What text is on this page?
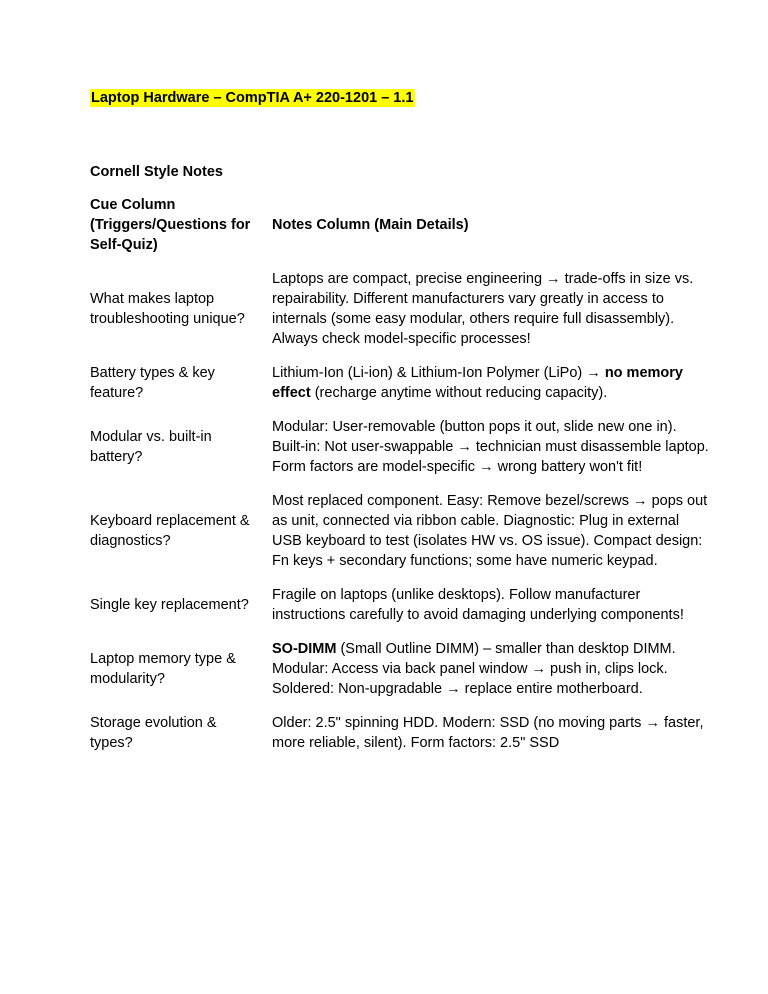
Laptop Hardware – CompTIA A+ 220-1201 – 1.1

Cornell Style Notes

Cue Column (Triggers/Questions for Self-Quiz)	Notes Column (Main Details)
What makes laptop troubleshooting unique?	Laptops are compact, precise engineering → trade-offs in size vs. repairability. Different manufacturers vary greatly in access to internals (some easy modular, others require full disassembly). Always check model-specific processes!
Battery types & key feature?	Lithium-Ion (Li-ion) & Lithium-Ion Polymer (LiPo) → no memory effect (recharge anytime without reducing capacity).
Modular vs. built-in battery?	Modular: User-removable (button pops it out, slide new one in). Built-in: Not user-swappable → technician must disassemble laptop. Form factors are model-specific → wrong battery won't fit!
Keyboard replacement & diagnostics?	Most replaced component. Easy: Remove bezel/screws → pops out as unit, connected via ribbon cable. Diagnostic: Plug in external USB keyboard to test (isolates HW vs. OS issue). Compact design: Fn keys + secondary functions; some have numeric keypad.
Single key replacement?	Fragile on laptops (unlike desktops). Follow manufacturer instructions carefully to avoid damaging underlying components!
Laptop memory type & modularity?	SO-DIMM (Small Outline DIMM) – smaller than desktop DIMM. Modular: Access via back panel window → push in, clips lock. Soldered: Non-upgradable → replace entire motherboard.
Storage evolution & types?	Older: 2.5" spinning HDD. Modern: SSD (no moving parts → faster, more reliable, silent). Form factors: 2.5" SSD
